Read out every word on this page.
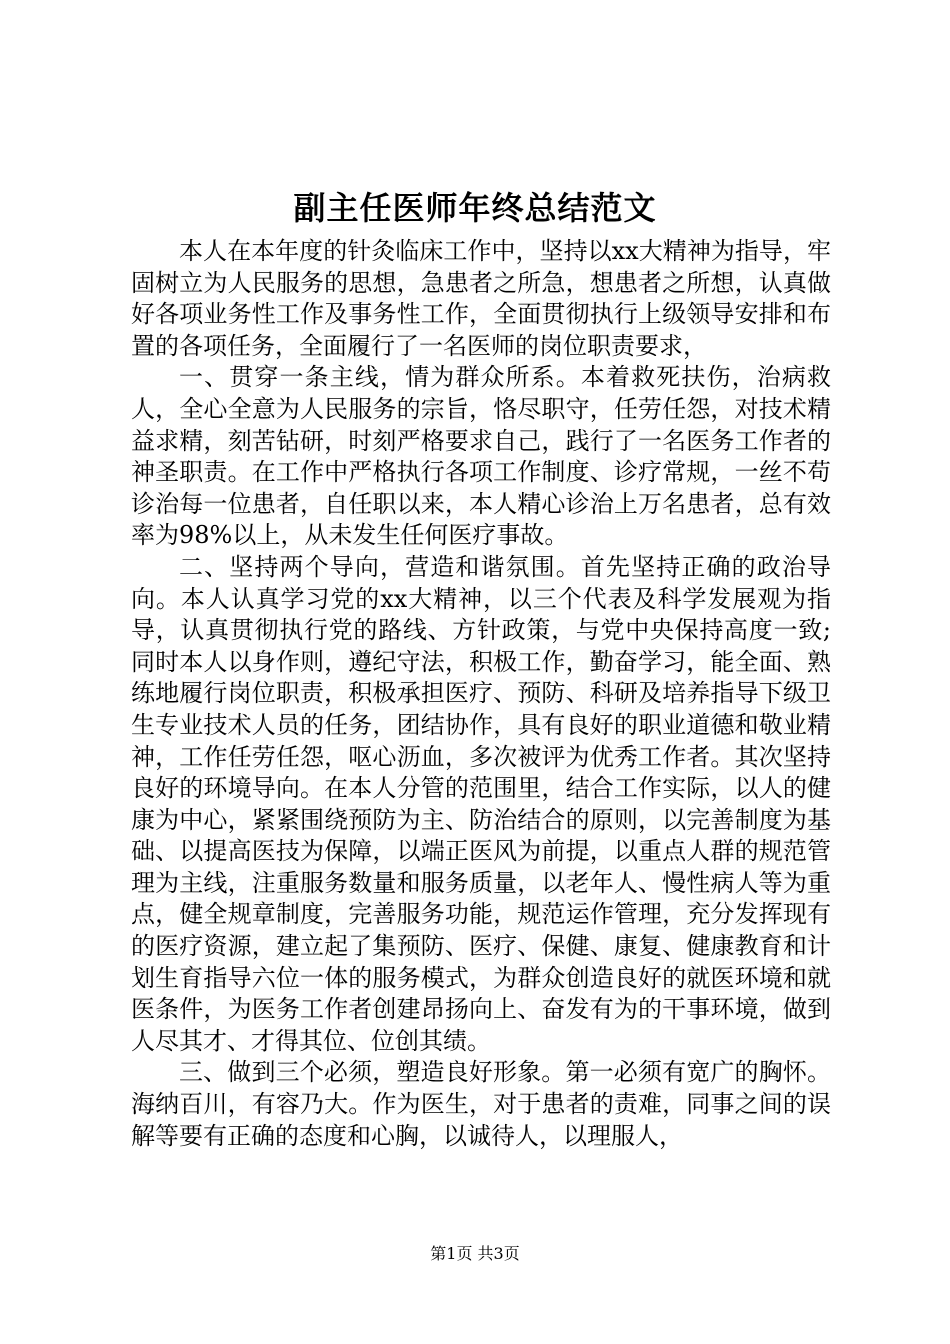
副主任医师年终总结范文

本人在本年度的针灸临床工作中，坚持以xx大精神为指导，牢固树立为人民服务的思想，急患者之所急，想患者之所想，认真做好各项业务性工作及事务性工作，全面贯彻执行上级领导安排和布置的各项任务，全面履行了一名医师的岗位职责要求，

一、贯穿一条主线，情为群众所系。本着救死扶伤，治病救人，全心全意为人民服务的宗旨，恪尽职守，任劳任怨，对技术精益求精，刻苦钻研，时刻严格要求自己，践行了一名医务工作者的神圣职责。在工作中严格执行各项工作制度、诊疗常规，一丝不苟诊治每一位患者，自任职以来，本人精心诊治上万名患者，总有效率为98%以上，从未发生任何医疗事故。

二、坚持两个导向，营造和谐氛围。首先坚持正确的政治导向。本人认真学习党的xx大精神，以三个代表及科学发展观为指导，认真贯彻执行党的路线、方针政策，与党中央保持高度一致;同时本人以身作则，遵纪守法，积极工作，勤奋学习，能全面、熟练地履行岗位职责，积极承担医疗、预防、科研及培养指导下级卫生专业技术人员的任务，团结协作，具有良好的职业道德和敬业精神，工作任劳任怨，呕心沥血，多次被评为优秀工作者。其次坚持良好的环境导向。在本人分管的范围里，结合工作实际，以人的健康为中心，紧紧围绕预防为主、防治结合的原则，以完善制度为基础、以提高医技为保障，以端正医风为前提，以重点人群的规范管理为主线，注重服务数量和服务质量，以老年人、慢性病人等为重点，健全规章制度，完善服务功能，规范运作管理，充分发挥现有的医疗资源，建立起了集预防、医疗、保健、康复、健康教育和计划生育指导六位一体的服务模式，为群众创造良好的就医环境和就医条件，为医务工作者创建昂扬向上、奋发有为的干事环境，做到人尽其才、才得其位、位创其绩。

三、做到三个必须，塑造良好形象。第一必须有宽广的胸怀。海纳百川，有容乃大。作为医生，对于患者的责难，同事之间的误解等要有正确的态度和心胸，以诚待人，以理服人，

第1页 共3页
